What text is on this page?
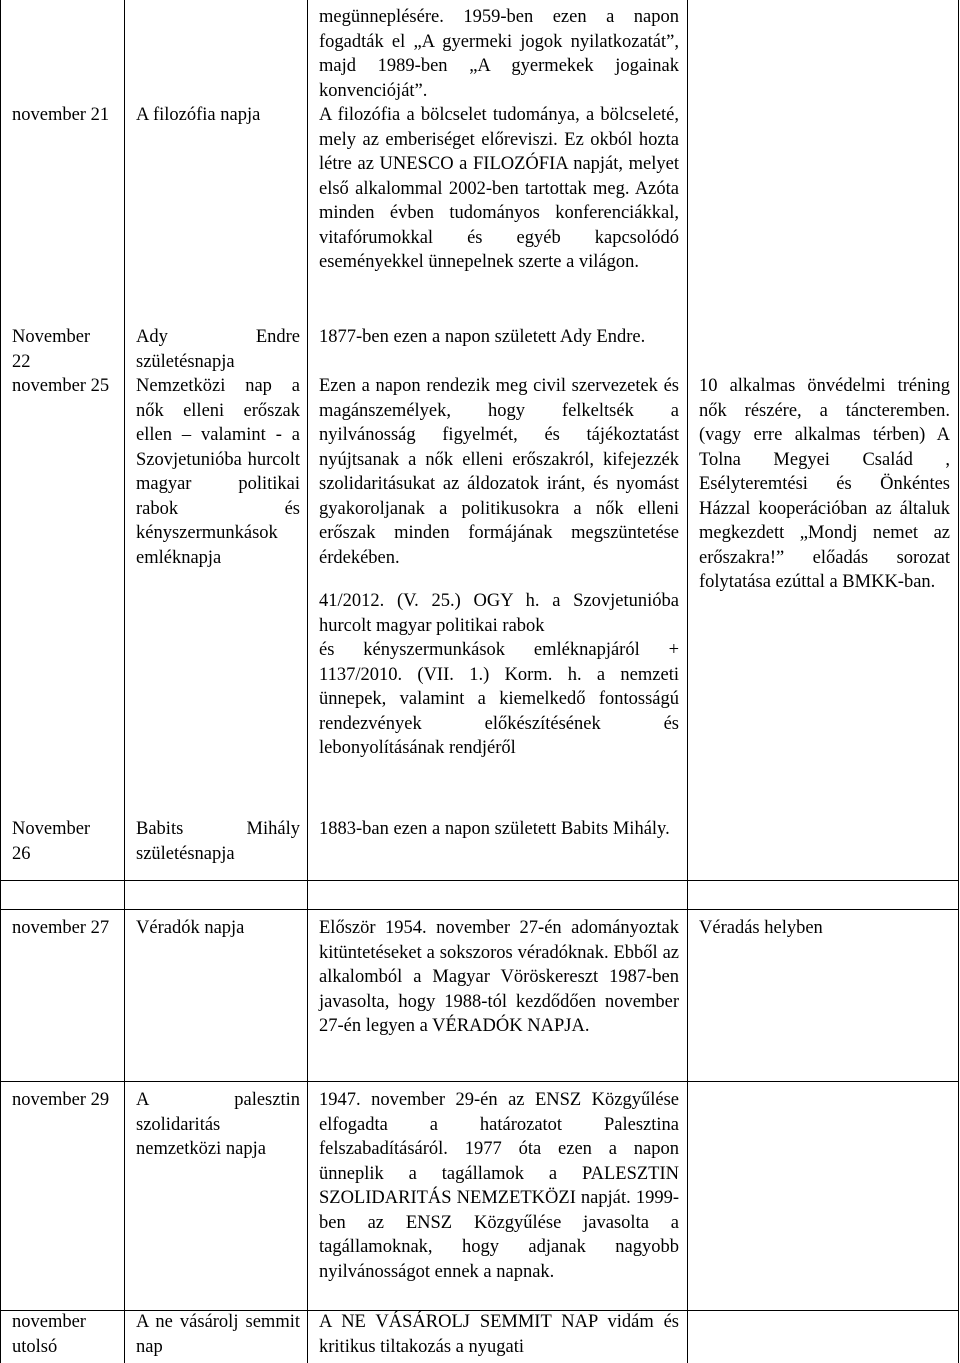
megünneplésére. 1959-ben ezen a napon fogadták el „A gyermeki jogok nyilatkozatát”, majd 1989-ben „A gyermekek jogainak konvencióját”.
november 21 A filozófia napja	A filozófia a bölcselet tudománya, a bölcseleté, mely az emberiséget előreviszi. Ez okból hozta létre az UNESCO a FILOZÓFIA napját, melyet első alkalommal 2002-ben tartottak meg. Azóta minden évben tudományos konferenciákkal, vitafórumokkal és egyéb kapcsolódó eseményekkel ünnepelnek szerte a világon.
November 22
Ady Endre születésnapja
1877-ben ezen a napon született Ady Endre.
november 25 Nemzetközi nap a nők elleni erőszak ellen – valamint - a Szovjetunióba hurcolt magyar politikai rabok és kényszermunkások emléknapja

Ezen a napon rendezik meg civil szervezetek és magánszemélyek, hogy felkeltsék a nyilvánosság figyelmét, és tájékoztatást nyújtsanak a nők elleni erőszakról, kifejezzék szolidaritásukat az áldozatok iránt, és nyomást gyakoroljanak a politikusokra a nők elleni erőszak minden formájának megszüntetése érdekében.

41/2012. (V. 25.) OGY h. a Szovjetunióba hurcolt magyar politikai rabok

és kényszermunkások emléknapjáról + 1137/2010. (VII. 1.) Korm. h. a nemzeti ünnepek, valamint a kiemelkedő fontosságú rendezvények előkészítésének és lebonyolításának rendjéről

10 alkalmas önvédelmi tréning nők részére, a táncteremben. (vagy erre alkalmas térben) A Tolna Megyei Család , Esélyteremtési és Önkéntes Házzal kooperációban az általuk megkezdett „Mondj nemet az erőszakra!” előadás sorozat folytatása ezúttal a BMKK-ban.
November 26
Babits Mihály születésnapja
1883-ban ezen a napon született Babits Mihály.
november 27 Véradók napja	Először 1954. november 27-én adományoztak kitüntetéseket a sokszoros véradóknak. Ebből az alkalomból a Magyar Vöröskereszt 1987-ben javasolta, hogy 1988-tól kezdődően november 27-én legyen a VÉRADÓK NAPJA.
Véradás helyben
november 29 A palesztin szolidaritás nemzetközi napja
1947. november 29-én az ENSZ Közgyűlése elfogadta a határozatot Palesztina felszabadításáról. 1977 óta ezen a napon ünneplik a tagállamok a PALESZTIN SZOLIDARITÁS NEMZETKÖZI napját. 1999-ben az ENSZ Közgyűlése javasolta a tagállamoknak, hogy adjanak nagyobb nyilvánosságot ennek a napnak.
november utolsó
A ne vásárolj semmit nap
A NE VÁSÁROLJ SEMMIT NAP vidám és kritikus tiltakozás a nyugati
